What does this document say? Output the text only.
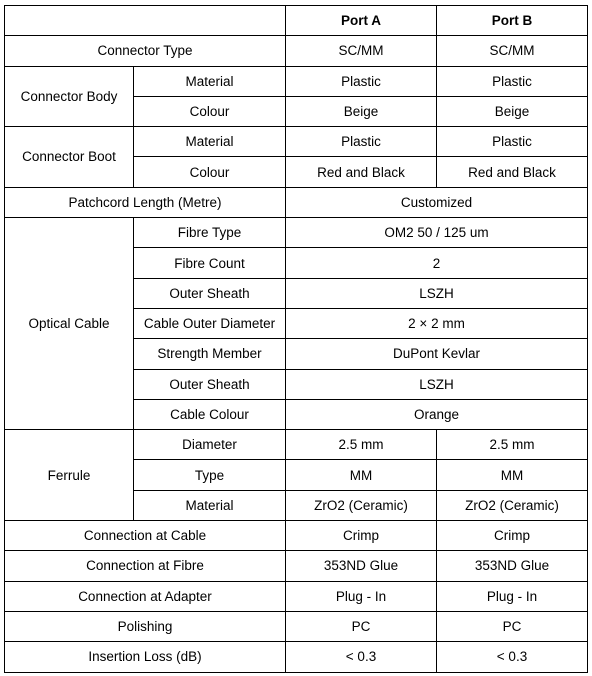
		Port A	Port B
Connector Type		SC/MM	SC/MM
Connector Body	Material	Plastic	Plastic
	Colour	Beige	Beige
Connector Boot	Material	Plastic	Plastic
	Colour	Red and Black	Red and Black
Patchcord Length (Metre)		Customized	
Optical Cable	Fibre Type	OM2 50 / 125 um	
	Fibre Count	2	
	Outer Sheath	LSZH	
	Cable Outer Diameter	2 × 2 mm	
	Strength Member	DuPont Kevlar	
	Outer Sheath	LSZH	
	Cable Colour	Orange	
Ferrule	Diameter	2.5 mm	2.5 mm
	Type	MM	MM
	Material	ZrO2 (Ceramic)	ZrO2 (Ceramic)
Connection at Cable		Crimp	Crimp
Connection at Fibre		353ND Glue	353ND Glue
Connection at Adapter		Plug - In	Plug - In
Polishing		PC	PC
Insertion Loss (dB)		< 0.3	< 0.3
